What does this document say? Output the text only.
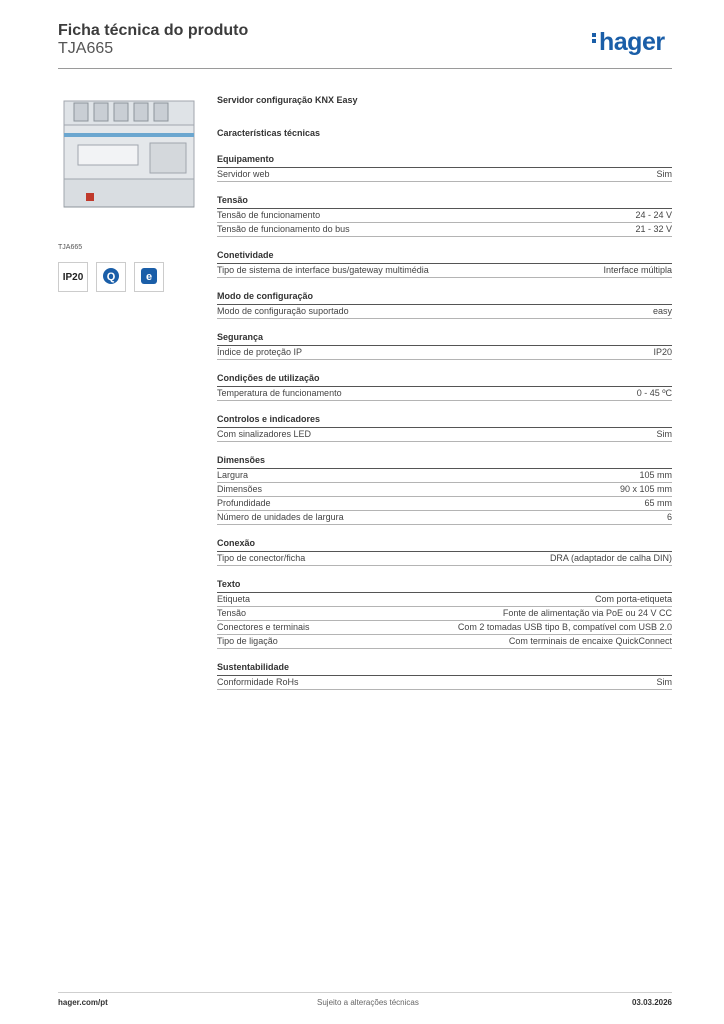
Ficha técnica do produto
TJA665	hager
TJA665
IP20	Q	e
Servidor configuração KNX Easy
Características técnicas
Equipamento
Servidor web	Sim
Tensão
Tensão de funcionamento	24 - 24 V
Tensão de funcionamento do bus	21 - 32 V
Conetividade
Tipo de sistema de interface bus/gateway multimédia	Interface múltipla
Modo de configuração
Modo de configuração suportado	easy
Segurança
Índice de proteção IP	IP20
Condições de utilização
Temperatura de funcionamento	0 - 45 ºC
Controlos e indicadores
Com sinalizadores LED	Sim
Dimensões
Largura	105 mm
Dimensões	90 x 105 mm
Profundidade	65 mm
Número de unidades de largura	6
Conexão
Tipo de conector/ficha	DRA (adaptador de calha DIN)
Texto
Etiqueta	Com porta-etiqueta
Tensão	Fonte de alimentação via PoE ou 24 V CC
Conectores e terminais	Com 2 tomadas USB tipo B, compatível com USB 2.0
Tipo de ligação	Com terminais de encaixe QuickConnect
Sustentabilidade
Conformidade RoHs	Sim
hager.com/pt	Sujeito a alterações técnicas	03.03.2026
